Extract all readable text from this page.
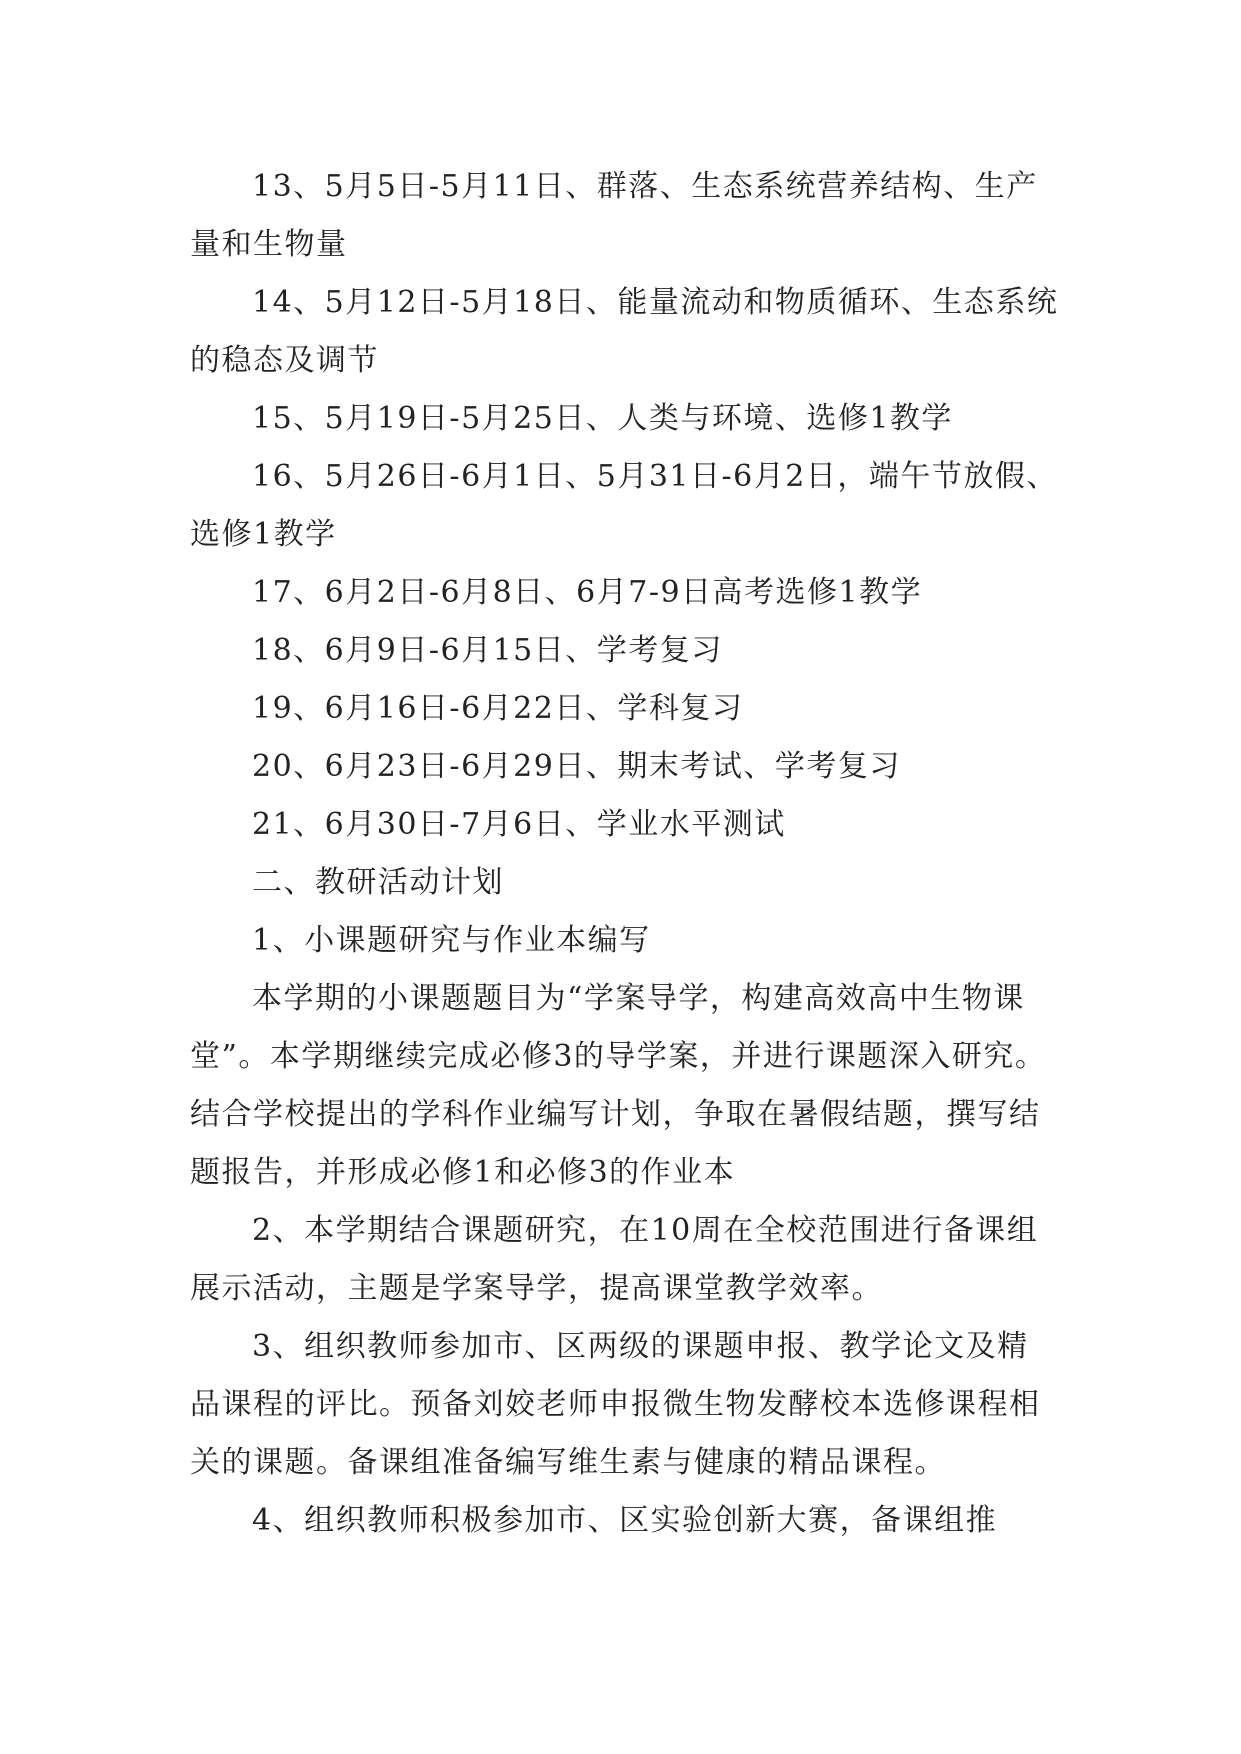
13、5月5日-5月11日、群落、生态系统营养结构、生产量和生物量

14、5月12日-5月18日、能量流动和物质循环、生态系统的稳态及调节

15、5月19日-5月25日、人类与环境、选修1教学

16、5月26日-6月1日、5月31日-6月2日，端午节放假、选修1教学

17、6月2日-6月8日、6月7-9日高考选修1教学

18、6月9日-6月15日、学考复习

19、6月16日-6月22日、学科复习

20、6月23日-6月29日、期末考试、学考复习

21、6月30日-7月6日、学业水平测试

二、教研活动计划

1、小课题研究与作业本编写

本学期的小课题题目为“学案导学，构建高效高中生物课堂”。本学期继续完成必修3的导学案，并进行课题深入研究。结合学校提出的学科作业编写计划，争取在暑假结题，撰写结题报告，并形成必修1和必修3的作业本

2、本学期结合课题研究，在10周在全校范围进行备课组展示活动，主题是学案导学，提高课堂教学效率。

3、组织教师参加市、区两级的课题申报、教学论文及精品课程的评比。预备刘姣老师申报微生物发酵校本选修课程相关的课题。备课组准备编写维生素与健康的精品课程。

4、组织教师积极参加市、区实验创新大赛，备课组推
